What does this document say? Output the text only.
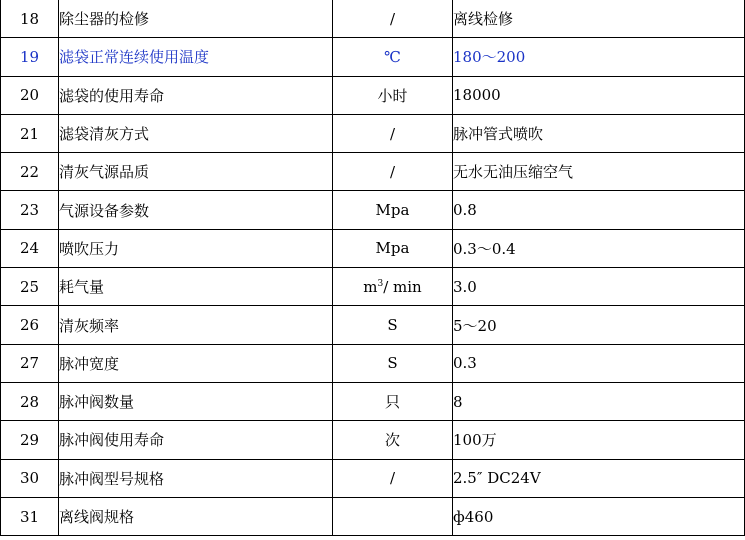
18	除尘器的检修	/	离线检修
19	滤袋正常连续使用温度	℃	180～200
20	滤袋的使用寿命	小时	18000
21	滤袋清灰方式	/	脉冲管式喷吹
22	清灰气源品质	/	无水无油压缩空气
23	气源设备参数	Mpa	0.8
24	喷吹压力	Mpa	0.3～0.4
25	耗气量	$m^3/$ min	3.0
26	清灰频率	S	5～20
27	脉冲宽度	S	0.3
28	脉冲阀数量	只	8
29	脉冲阀使用寿命	次	100万
30	脉冲阀型号规格	/	2.5″ DC24V
31	离线阀规格		ф460
